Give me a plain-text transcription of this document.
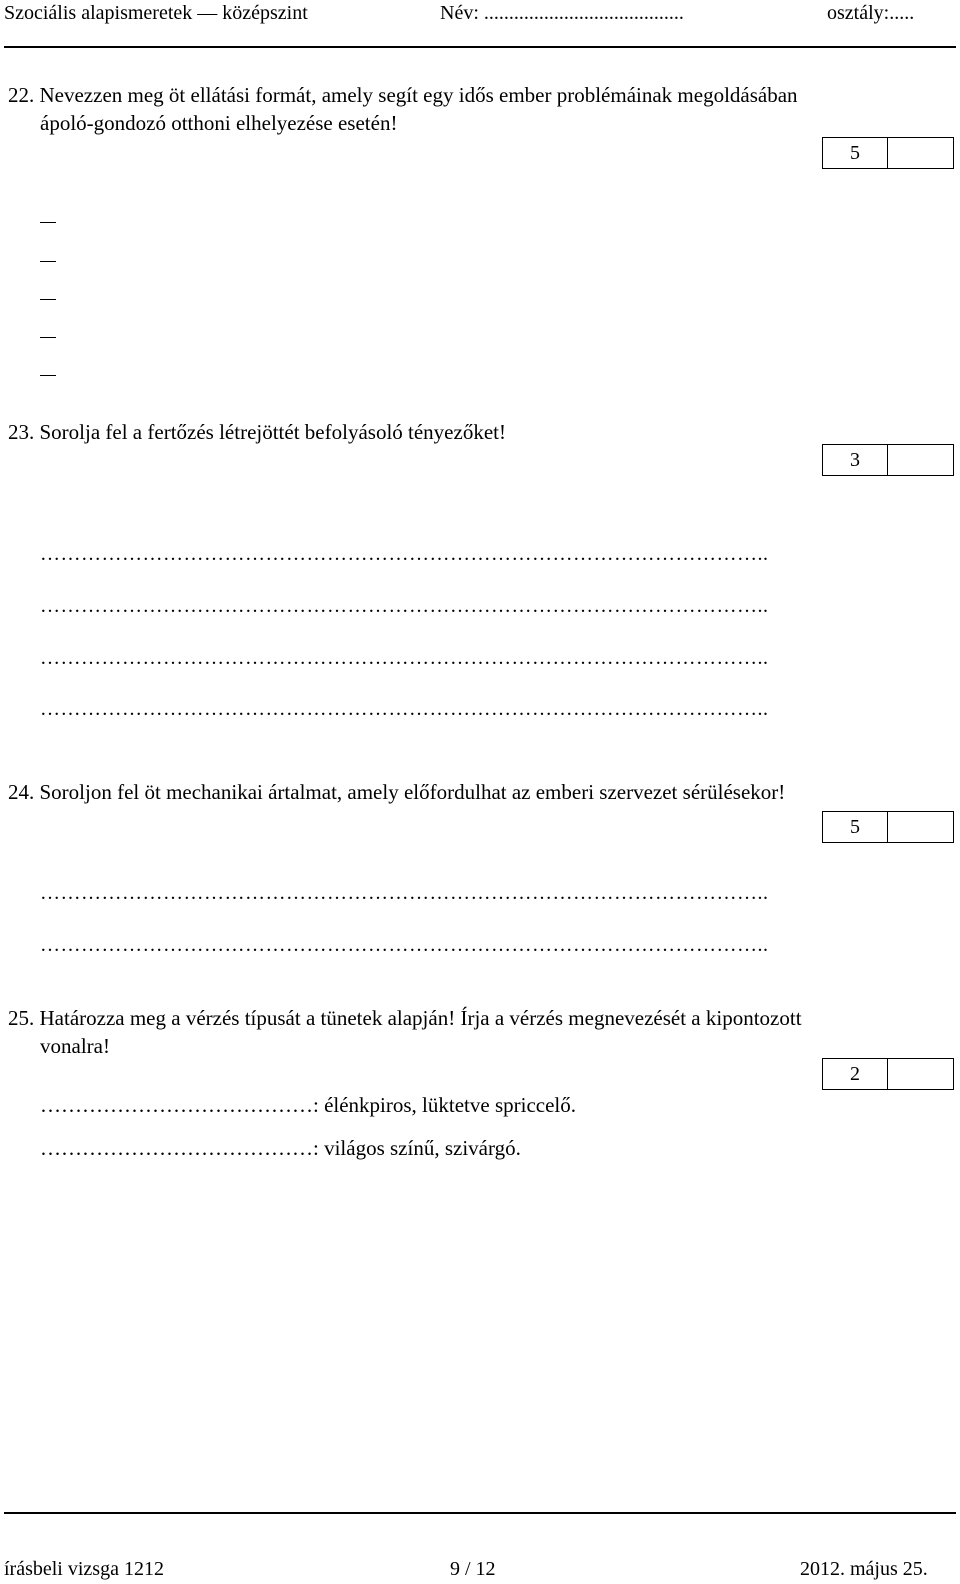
Szociális alapismeretek — középszint	Név: ........................................	osztály:.....
22. Nevezzen meg öt ellátási formát, amely segít egy idős ember problémáinak megoldásában
ápoló-gondozó otthoni elhelyezése esetén!
5
23. Sorolja fel a fertőzés létrejöttét befolyásoló tényezőket!
3
……………………………………………………………………………………………..
……………………………………………………………………………………………..
……………………………………………………………………………………………..
……………………………………………………………………………………………..
24. Soroljon fel öt mechanikai ártalmat, amely előfordulhat az emberi szervezet sérülésekor!
5
……………………………………………………………………………………………..
……………………………………………………………………………………………..
25. Határozza meg a vérzés típusát a tünetek alapján! Írja a vérzés megnevezését a kipontozott
vonalra!
2
…………………………………: élénkpiros, lüktetve spriccelő.
…………………………………: világos színű, szivárgó.
írásbeli vizsga 1212	9 / 12	2012. május 25.
